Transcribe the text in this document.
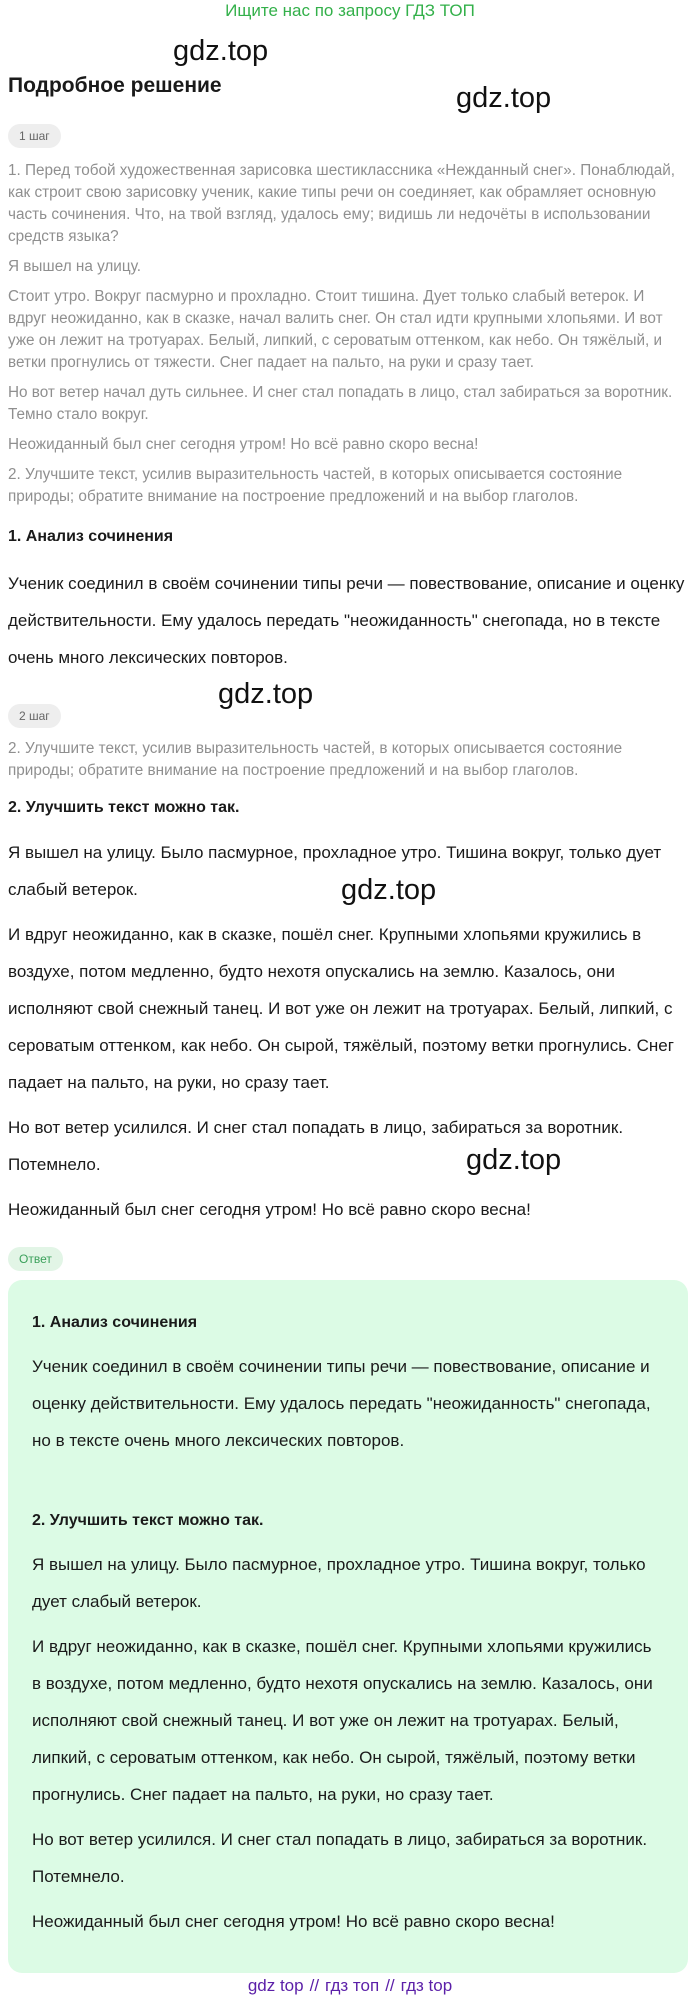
Ищите нас по запросу ГДЗ ТОП
gdz.top
gdz.top
gdz.top
gdz.top
gdz.top
Подробное решение
1 шаг

1. Перед тобой художественная зарисовка шестиклассника «Нежданный снег». Понаблюдай, как строит свою зарисовку ученик, какие типы речи он соединяет, как обрамляет основную часть сочинения. Что, на твой взгляд, удалось ему; видишь ли недочёты в использовании средств языка?

Я вышел на улицу.

Стоит утро. Вокруг пасмурно и прохладно. Стоит тишина. Дует только слабый ветерок. И вдруг неожиданно, как в сказке, начал валить снег. Он стал идти крупными хлопьями. И вот уже он лежит на тротуарах. Белый, липкий, с сероватым оттенком, как небо. Он тяжёлый, и ветки прогнулись от тяжести. Снег падает на пальто, на руки и сразу тает.

Но вот ветер начал дуть сильнее. И снег стал попадать в лицо, стал забираться за воротник. Темно стало вокруг.

Неожиданный был снег сегодня утром! Но всё равно скоро весна!

2. Улучшите текст, усилив выразительность частей, в которых описывается состояние природы; обратите внимание на построение предложений и на выбор глаголов.

1. Анализ сочинения
Ученик соединил в своём сочинении типы речи — повествование, описание и оценку действительности. Ему удалось передать "неожиданность" снегопада, но в тексте очень много лексических повторов.
2 шаг

2. Улучшите текст, усилив выразительность частей, в которых описывается состояние природы; обратите внимание на построение предложений и на выбор глаголов.

2. Улучшить текст можно так.

Я вышел на улицу. Было пасмурное, прохладное утро. Тишина вокруг, только дует слабый ветерок.

И вдруг неожиданно, как в сказке, пошёл снег. Крупными хлопьями кружились в воздухе, потом медленно, будто нехотя опускались на землю. Казалось, они исполняют свой снежный танец. И вот уже он лежит на тротуарах. Белый, липкий, с сероватым оттенком, как небо. Он сырой, тяжёлый, поэтому ветки прогнулись. Снег падает на пальто, на руки, но сразу тает.

Но вот ветер усилился. И снег стал попадать в лицо, забираться за воротник. Потемнело.

Неожиданный был снег сегодня утром! Но всё равно скоро весна!

Ответ
1. Анализ сочинения
Ученик соединил в своём сочинении типы речи — повествование, описание и оценку действительности. Ему удалось передать "неожиданность" снегопада, но в тексте очень много лексических повторов.
2. Улучшить текст можно так.

Я вышел на улицу. Было пасмурное, прохладное утро. Тишина вокруг, только дует слабый ветерок.

И вдруг неожиданно, как в сказке, пошёл снег. Крупными хлопьями кружились в воздухе, потом медленно, будто нехотя опускались на землю. Казалось, они исполняют свой снежный танец. И вот уже он лежит на тротуарах. Белый, липкий, с сероватым оттенком, как небо. Он сырой, тяжёлый, поэтому ветки прогнулись. Снег падает на пальто, на руки, но сразу тает.

Но вот ветер усилился. И снег стал попадать в лицо, забираться за воротник. Потемнело.

Неожиданный был снег сегодня утром! Но всё равно скоро весна!

gdz top // гдз топ // гдз top
